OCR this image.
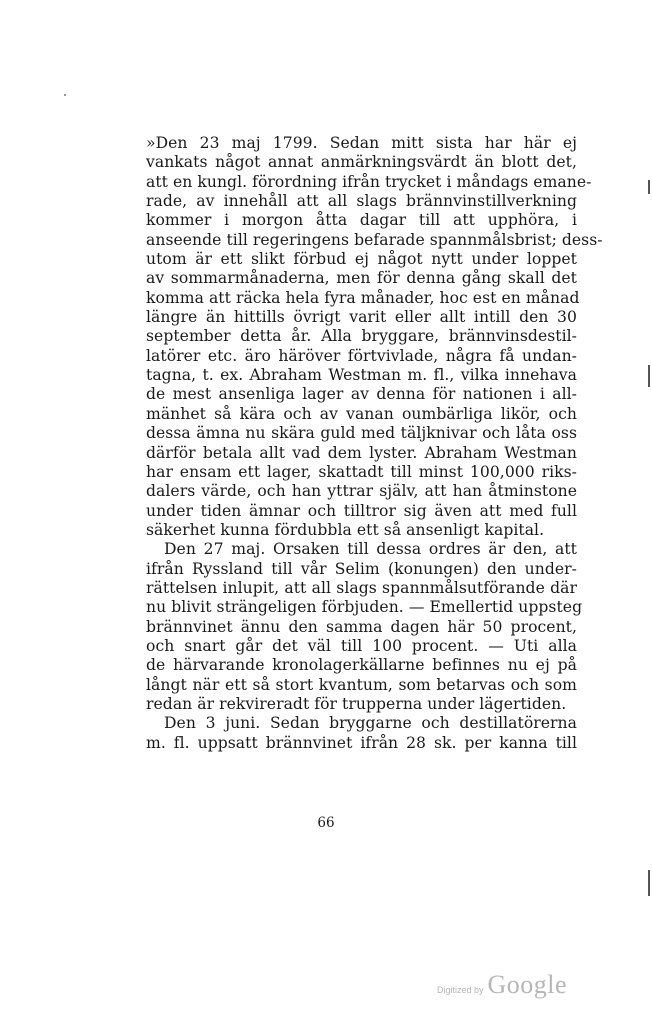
»Den 23 maj 1799. Sedan mitt sista har här ej
vankats något annat anmärkningsvärdt än blott det,
att en kungl. förordning ifrån trycket i måndags emane-
rade, av innehåll att all slags brännvinstillverkning
kommer i morgon åtta dagar till att upphöra, i
anseende till regeringens befarade spannmålsbrist; dess-
utom är ett slikt förbud ej något nytt under loppet
av sommarmånaderna, men för denna gång skall det
komma att räcka hela fyra månader, hoc est en månad
längre än hittills övrigt varit eller allt intill den 30
september detta år. Alla bryggare, brännvinsdestil-
latörer etc. äro häröver förtvivlade, några få undan-
tagna, t. ex. Abraham Westman m. fl., vilka innehava
de mest ansenliga lager av denna för nationen i all-
mänhet så kära och av vanan oumbärliga likör, och
dessa ämna nu skära guld med täljknivar och låta oss
därför betala allt vad dem lyster. Abraham Westman
har ensam ett lager, skattadt till minst 100,000 riks-
dalers värde, och han yttrar själv, att han åtminstone
under tiden ämnar och tilltror sig även att med full
säkerhet kunna fördubbla ett så ansenligt kapital.
Den 27 maj. Orsaken till dessa ordres är den, att
ifrån Ryssland till vår Selim (konungen) den under-
rättelsen inlupit, att all slags spannmålsutförande där
nu blivit strängeligen förbjuden. — Emellertid uppsteg
brännvinet ännu den samma dagen här 50 procent,
och snart går det väl till 100 procent. — Uti alla
de härvarande kronolagerkällarne befinnes nu ej på
långt när ett så stort kvantum, som betarvas och som
redan är rekvireradt för trupperna under lägertiden.
Den 3 juni. Sedan bryggarne och destillatörerna
m. fl. uppsatt brännvinet ifrån 28 sk. per kanna till
66
Digitized by Google
